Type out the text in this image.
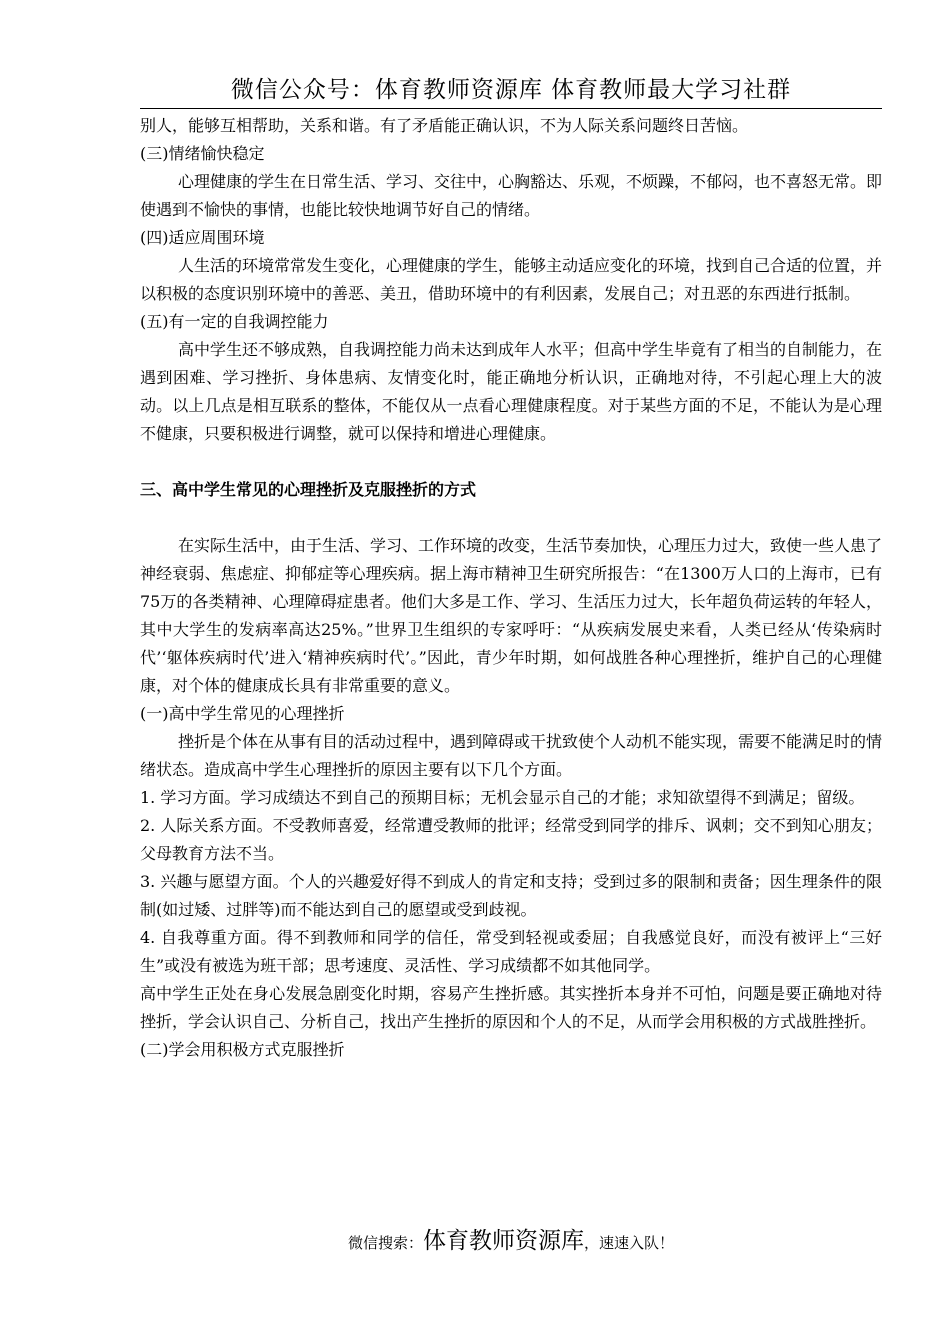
微信公众号：体育教师资源库 体育教师最大学习社群

别人，能够互相帮助，关系和谐。有了矛盾能正确认识，不为人际关系问题终日苦恼。

(三)情绪愉快稳定

心理健康的学生在日常生活、学习、交往中，心胸豁达、乐观，不烦躁，不郁闷，也不喜怒无常。即使遇到不愉快的事情，也能比较快地调节好自己的情绪。

(四)适应周围环境

人生活的环境常常发生变化，心理健康的学生，能够主动适应变化的环境，找到自己合适的位置，并以积极的态度识别环境中的善恶、美丑，借助环境中的有利因素，发展自己；对丑恶的东西进行抵制。

(五)有一定的自我调控能力

高中学生还不够成熟，自我调控能力尚未达到成年人水平；但高中学生毕竟有了相当的自制能力，在遇到困难、学习挫折、身体患病、友情变化时，能正确地分析认识，正确地对待，不引起心理上大的波动。以上几点是相互联系的整体，不能仅从一点看心理健康程度。对于某些方面的不足，不能认为是心理不健康，只要积极进行调整，就可以保持和增进心理健康。

三、高中学生常见的心理挫折及克服挫折的方式

在实际生活中，由于生活、学习、工作环境的改变，生活节奏加快，心理压力过大，致使一些人患了神经衰弱、焦虑症、抑郁症等心理疾病。据上海市精神卫生研究所报告：“在1300万人口的上海市，已有75万的各类精神、心理障碍症患者。他们大多是工作、学习、生活压力过大，长年超负荷运转的年轻人，其中大学生的发病率高达25%。”世界卫生组织的专家呼吁：“从疾病发展史来看，人类已经从‘传染病时代’‘躯体疾病时代’进入‘精神疾病时代’。”因此，青少年时期，如何战胜各种心理挫折，维护自己的心理健康，对个体的健康成长具有非常重要的意义。

(一)高中学生常见的心理挫折

挫折是个体在从事有目的活动过程中，遇到障碍或干扰致使个人动机不能实现，需要不能满足时的情绪状态。造成高中学生心理挫折的原因主要有以下几个方面。

1. 学习方面。学习成绩达不到自己的预期目标；无机会显示自己的才能；求知欲望得不到满足；留级。

2. 人际关系方面。不受教师喜爱，经常遭受教师的批评；经常受到同学的排斥、讽刺；交不到知心朋友；父母教育方法不当。

3. 兴趣与愿望方面。个人的兴趣爱好得不到成人的肯定和支持；受到过多的限制和责备；因生理条件的限制(如过矮、过胖等)而不能达到自己的愿望或受到歧视。

4. 自我尊重方面。得不到教师和同学的信任，常受到轻视或委屈；自我感觉良好，而没有被评上“三好生”或没有被选为班干部；思考速度、灵活性、学习成绩都不如其他同学。

高中学生正处在身心发展急剧变化时期，容易产生挫折感。其实挫折本身并不可怕，问题是要正确地对待挫折，学会认识自己、分析自己，找出产生挫折的原因和个人的不足，从而学会用积极的方式战胜挫折。

(二)学会用积极方式克服挫折

微信搜索：体育教师资源库，速速入队！
